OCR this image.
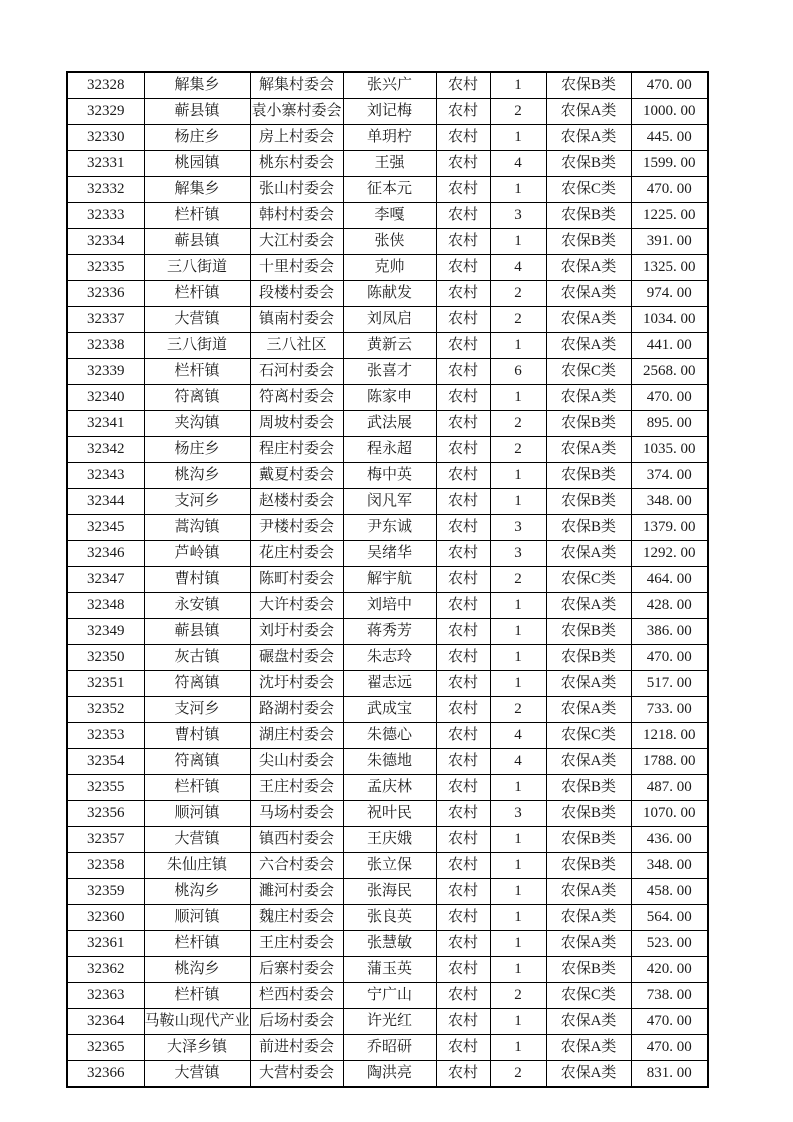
32328	解集乡	解集村委会	张兴广	农村	1	农保B类	470. 00
32329	蕲县镇	袁小寨村委会	刘记梅	农村	2	农保A类	1000. 00
32330	杨庄乡	房上村委会	单玥柠	农村	1	农保A类	445. 00
32331	桃园镇	桃东村委会	王强	农村	4	农保B类	1599. 00
32332	解集乡	张山村委会	征本元	农村	1	农保C类	470. 00
32333	栏杆镇	韩村村委会	李嘎	农村	3	农保B类	1225. 00
32334	蕲县镇	大江村委会	张侠	农村	1	农保B类	391. 00
32335	三八街道	十里村委会	克帅	农村	4	农保A类	1325. 00
32336	栏杆镇	段楼村委会	陈献发	农村	2	农保A类	974. 00
32337	大营镇	镇南村委会	刘凤启	农村	2	农保A类	1034. 00
32338	三八街道	三八社区	黄新云	农村	1	农保A类	441. 00
32339	栏杆镇	石河村委会	张喜才	农村	6	农保C类	2568. 00
32340	符离镇	符离村委会	陈家申	农村	1	农保A类	470. 00
32341	夹沟镇	周坡村委会	武法展	农村	2	农保B类	895. 00
32342	杨庄乡	程庄村委会	程永超	农村	2	农保A类	1035. 00
32343	桃沟乡	戴夏村委会	梅中英	农村	1	农保B类	374. 00
32344	支河乡	赵楼村委会	闵凡军	农村	1	农保B类	348. 00
32345	蒿沟镇	尹楼村委会	尹东诚	农村	3	农保B类	1379. 00
32346	芦岭镇	花庄村委会	吴绪华	农村	3	农保A类	1292. 00
32347	曹村镇	陈町村委会	解宇航	农村	2	农保C类	464. 00
32348	永安镇	大许村委会	刘培中	农村	1	农保A类	428. 00
32349	蕲县镇	刘圩村委会	蒋秀芳	农村	1	农保B类	386. 00
32350	灰古镇	碾盘村委会	朱志玲	农村	1	农保B类	470. 00
32351	符离镇	沈圩村委会	翟志远	农村	1	农保A类	517. 00
32352	支河乡	路湖村委会	武成宝	农村	2	农保A类	733. 00
32353	曹村镇	湖庄村委会	朱德心	农村	4	农保C类	1218. 00
32354	符离镇	尖山村委会	朱德地	农村	4	农保A类	1788. 00
32355	栏杆镇	王庄村委会	孟庆林	农村	1	农保B类	487. 00
32356	顺河镇	马场村委会	祝叶民	农村	3	农保B类	1070. 00
32357	大营镇	镇西村委会	王庆娥	农村	1	农保B类	436. 00
32358	朱仙庄镇	六合村委会	张立保	农村	1	农保B类	348. 00
32359	桃沟乡	濉河村委会	张海民	农村	1	农保A类	458. 00
32360	顺河镇	魏庄村委会	张良英	农村	1	农保A类	564. 00
32361	栏杆镇	王庄村委会	张慧敏	农村	1	农保A类	523. 00
32362	桃沟乡	后寨村委会	蒲玉英	农村	1	农保B类	420. 00
32363	栏杆镇	栏西村委会	宁广山	农村	2	农保C类	738. 00
32364	马鞍山现代产业	后场村委会	许光红	农村	1	农保A类	470. 00
32365	大泽乡镇	前进村委会	乔昭研	农村	1	农保A类	470. 00
32366	大营镇	大营村委会	陶洪亮	农村	2	农保A类	831. 00
